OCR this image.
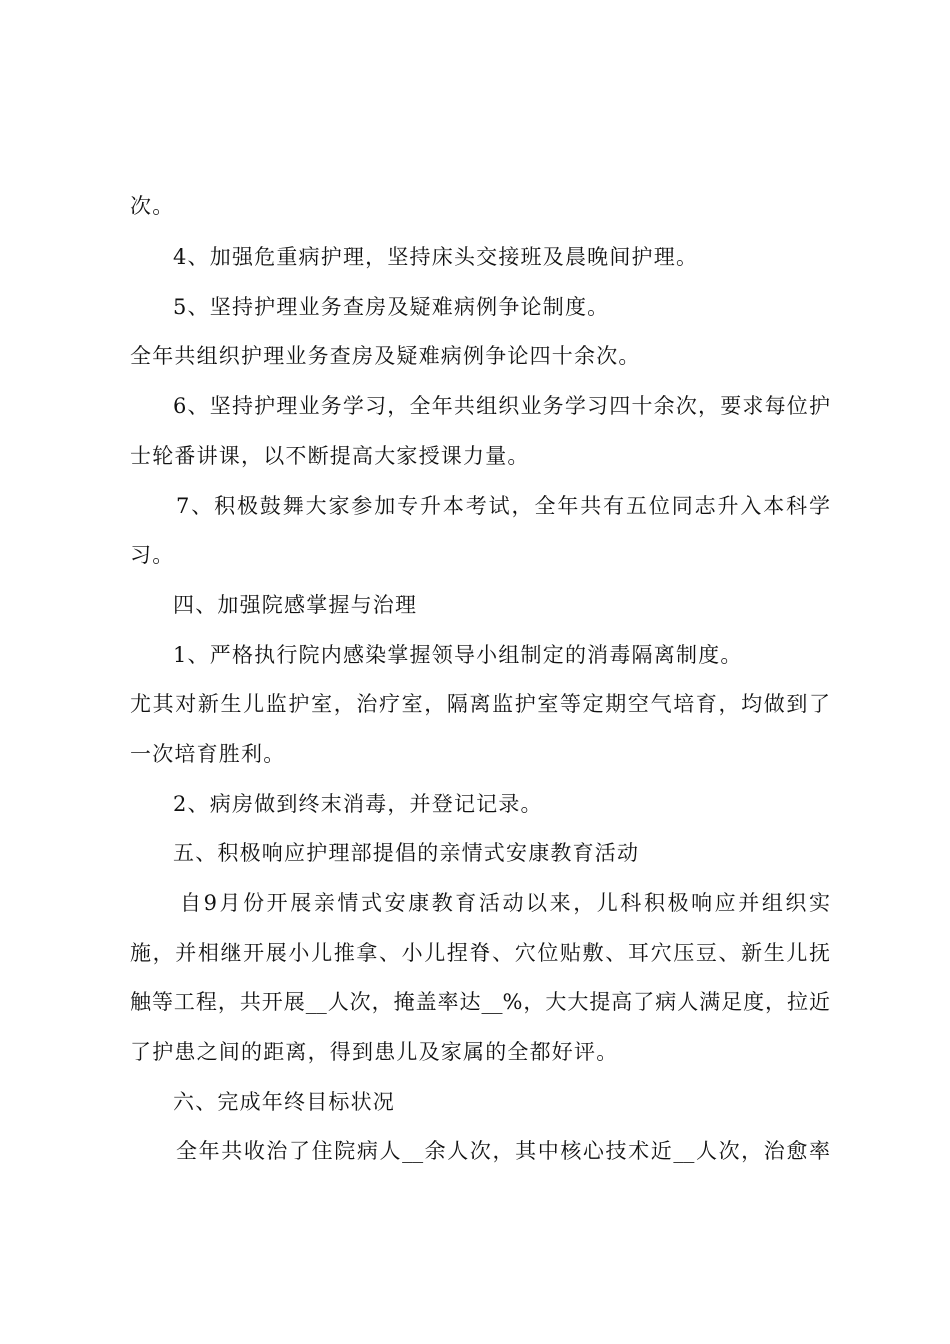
次。
4、加强危重病护理，坚持床头交接班及晨晚间护理。
5、坚持护理业务查房及疑难病例争论制度。
全年共组织护理业务查房及疑难病例争论四十余次。
6、坚持护理业务学习，全年共组织业务学习四十余次，要求每位护
士轮番讲课，以不断提高大家授课力量。
7、积极鼓舞大家参加专升本考试，全年共有五位同志升入本科学
习。
四、加强院感掌握与治理
1、严格执行院内感染掌握领导小组制定的消毒隔离制度。
尤其对新生儿监护室，治疗室，隔离监护室等定期空气培育，均做到了
一次培育胜利。
2、病房做到终末消毒，并登记记录。
五、积极响应护理部提倡的亲情式安康教育活动
自9月份开展亲情式安康教育活动以来，儿科积极响应并组织实
施，并相继开展小儿推拿、小儿捏脊、穴位贴敷、耳穴压豆、新生儿抚
触等工程，共开展__人次，掩盖率达__%，大大提高了病人满足度，拉近
了护患之间的距离，得到患儿及家属的全都好评。
六、完成年终目标状况
全年共收治了住院病人__余人次，其中核心技术近__人次，治愈率
